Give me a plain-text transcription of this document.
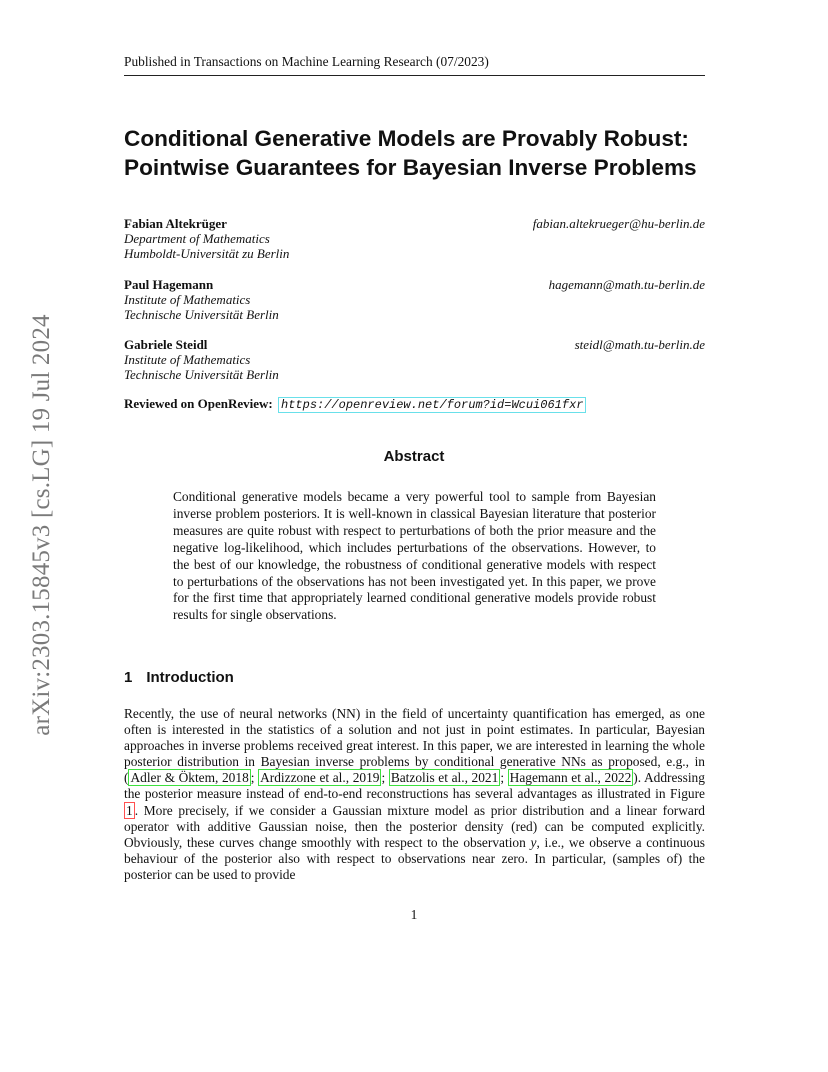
Published in Transactions on Machine Learning Research (07/2023)
arXiv:2303.15845v3 [cs.LG] 19 Jul 2024
Conditional Generative Models are Provably Robust:
Pointwise Guarantees for Bayesian Inverse Problems
Fabian Altekrüger
Department of Mathematics
Humboldt-Universität zu Berlin
fabian.altekrueger@hu-berlin.de
Paul Hagemann
Institute of Mathematics
Technische Universität Berlin
hagemann@math.tu-berlin.de
Gabriele Steidl
Institute of Mathematics
Technische Universität Berlin
steidl@math.tu-berlin.de
Reviewed on OpenReview: https://openreview.net/forum?id=Wcui061fxr
Abstract

Conditional generative models became a very powerful tool to sample from Bayesian inverse problem posteriors. It is well-known in classical Bayesian literature that posterior measures are quite robust with respect to perturbations of both the prior measure and the negative log-likelihood, which includes perturbations of the observations. However, to the best of our knowledge, the robustness of conditional generative models with respect to perturbations of the observations has not been investigated yet. In this paper, we prove for the first time that appropriately learned conditional generative models provide robust results for single observations.

1 Introduction

Recently, the use of neural networks (NN) in the field of uncertainty quantification has emerged, as one often is interested in the statistics of a solution and not just in point estimates. In particular, Bayesian approaches in inverse problems received great interest. In this paper, we are interested in learning the whole posterior distribution in Bayesian inverse problems by conditional generative NNs as proposed, e.g., in ( Adler & Öktem, 2018 ; Ardizzone et al., 2019 ; Batzolis et al., 2021 ; Hagemann et al., 2022 ). Addressing the posterior measure instead of end-to-end reconstructions has several advantages as illustrated in Figure 1 . More precisely, if we consider a Gaussian mixture model as prior distribution and a linear forward operator with additive Gaussian noise, then the posterior density (red) can be computed explicitly. Obviously, these curves change smoothly with respect to the observation y, i.e., we observe a continuous behaviour of the posterior also with respect to observations near zero. In particular, (samples of) the posterior can be used to provide

1
